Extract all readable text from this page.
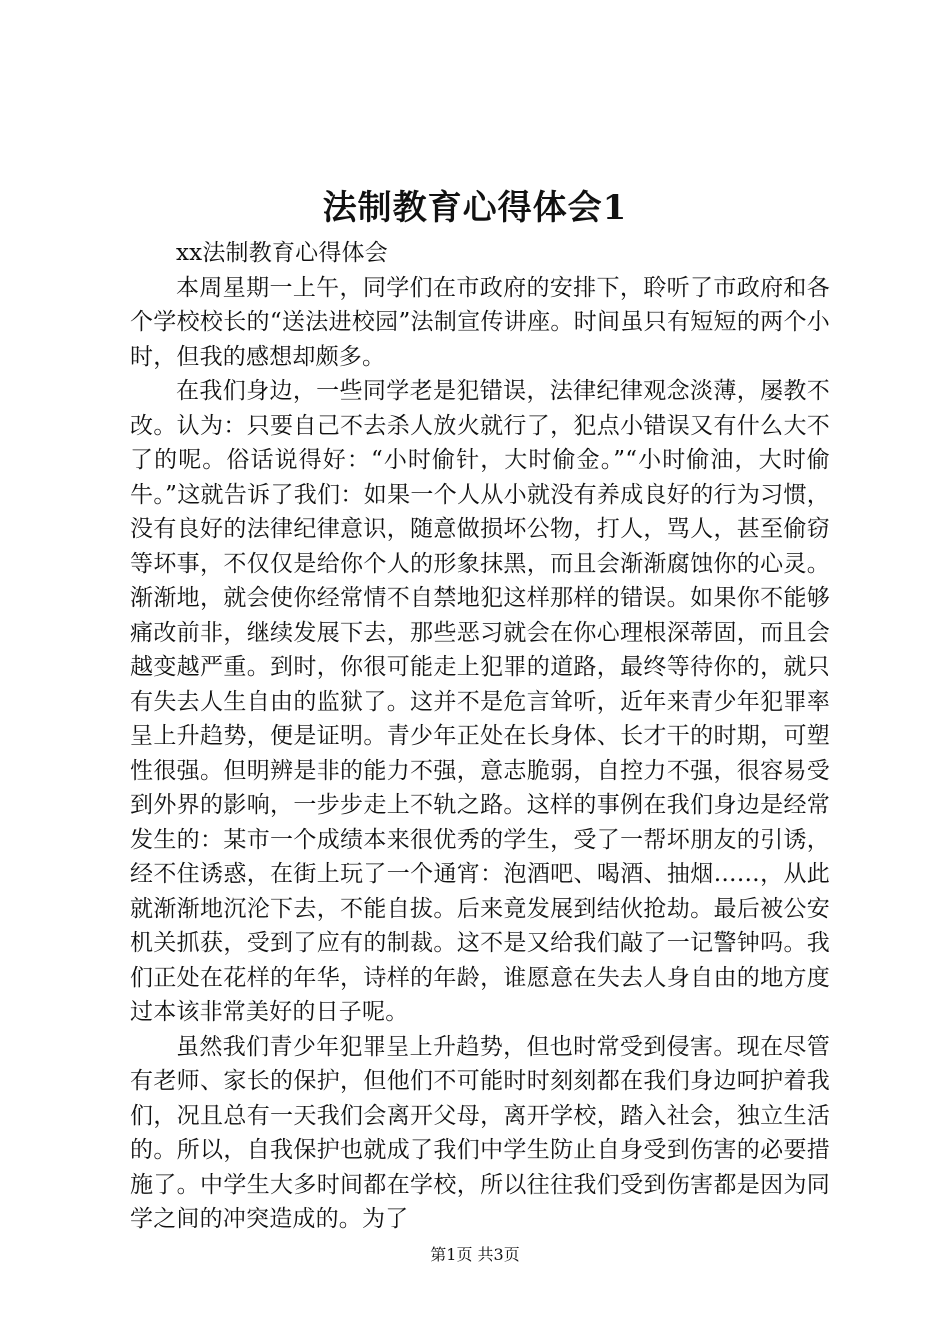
法制教育心得体会1

xx法制教育心得体会

本周星期一上午，同学们在市政府的安排下，聆听了市政府和各个学校校长的“送法进校园”法制宣传讲座。时间虽只有短短的两个小时，但我的感想却颇多。

在我们身边，一些同学老是犯错误，法律纪律观念淡薄，屡教不改。认为：只要自己不去杀人放火就行了，犯点小错误又有什么大不了的呢。俗话说得好：“小时偷针，大时偷金。”“小时偷油，大时偷牛。”这就告诉了我们：如果一个人从小就没有养成良好的行为习惯，没有良好的法律纪律意识，随意做损坏公物，打人，骂人，甚至偷窃等坏事，不仅仅是给你个人的形象抹黑，而且会渐渐腐蚀你的心灵。渐渐地，就会使你经常情不自禁地犯这样那样的错误。如果你不能够痛改前非，继续发展下去，那些恶习就会在你心理根深蒂固，而且会越变越严重。到时，你很可能走上犯罪的道路，最终等待你的，就只有失去人生自由的监狱了。这并不是危言耸听，近年来青少年犯罪率呈上升趋势，便是证明。青少年正处在长身体、长才干的时期，可塑性很强。但明辨是非的能力不强，意志脆弱，自控力不强，很容易受到外界的影响，一步步走上不轨之路。这样的事例在我们身边是经常发生的：某市一个成绩本来很优秀的学生，受了一帮坏朋友的引诱，经不住诱惑，在街上玩了一个通宵：泡酒吧、喝酒、抽烟……，从此就渐渐地沉沦下去，不能自拔。后来竟发展到结伙抢劫。最后被公安机关抓获，受到了应有的制裁。这不是又给我们敲了一记警钟吗。我们正处在花样的年华，诗样的年龄，谁愿意在失去人身自由的地方度过本该非常美好的日子呢。

虽然我们青少年犯罪呈上升趋势，但也时常受到侵害。现在尽管有老师、家长的保护，但他们不可能时时刻刻都在我们身边呵护着我们，况且总有一天我们会离开父母，离开学校，踏入社会，独立生活的。所以，自我保护也就成了我们中学生防止自身受到伤害的必要措施了。中学生大多时间都在学校，所以往往我们受到伤害都是因为同学之间的冲突造成的。为了

第1页 共3页
